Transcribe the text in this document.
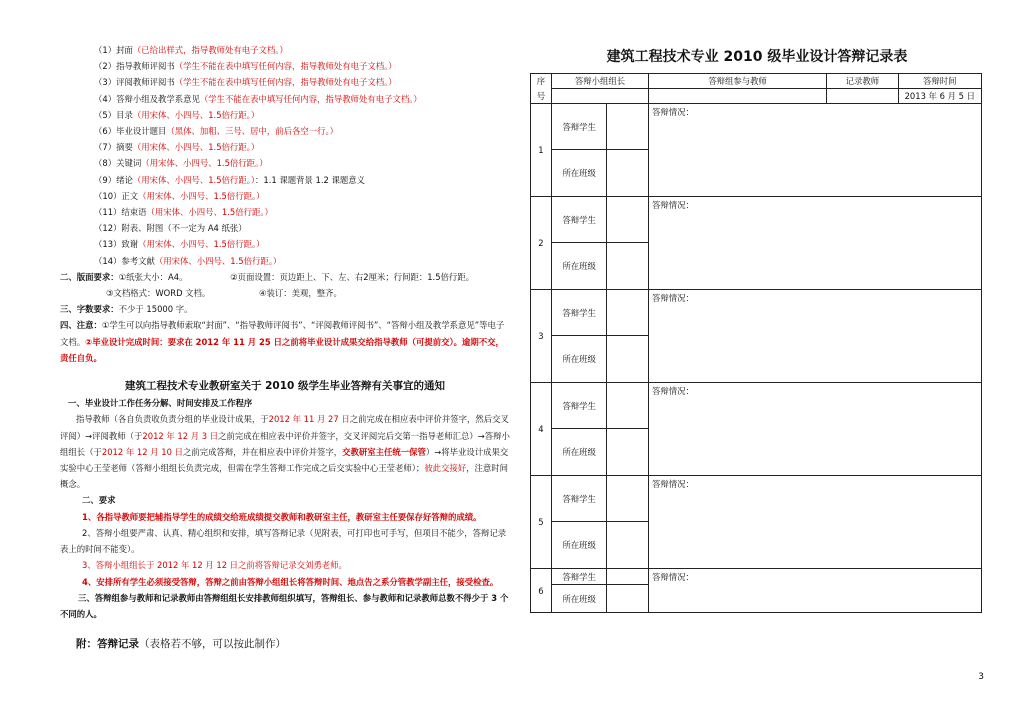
（1）封面（已给出样式，指导教师处有电子文档。）
（2）指导教师评阅书（学生不能在表中填写任何内容，指导教师处有电子文档。）
（3）评阅教师评阅书（学生不能在表中填写任何内容，指导教师处有电子文档。）
（4）答辩小组及教学系意见（学生不能在表中填写任何内容，指导教师处有电子文档。）
（5）目录（用宋体、小四号、1.5倍行距。）
（6）毕业设计题目（黑体、加粗、三号、居中，前后各空一行。）
（7）摘要（用宋体、小四号、1.5倍行距。）
（8）关键词（用宋体、小四号、1.5倍行距。）
（9）绪论（用宋体、小四号、1.5倍行距。）：1.1 课题背景 1.2 课题意义
（10）正文（用宋体、小四号、1.5倍行距。）
（11）结束语（用宋体、小四号、1.5倍行距。）
（12）附表、附图（不一定为 A4 纸张）
（13）致谢（用宋体、小四号、1.5倍行距。）
（14）参考文献（用宋体、小四号、1.5倍行距。）
二、版面要求：①纸张大小：A4。	②页面设置：页边距上、下、左、右2厘米；行间距：1.5倍行距。
③文档格式：WORD 文档。	④装订：美观，整齐。
三、字数要求：不少于 15000 字。
四、注意：①学生可以向指导教师索取“封面”、“指导教师评阅书”、“评阅教师评阅书”、“答辩小组及教学系意见”等电子文档。②毕业设计完成时间：要求在 2012 年 11 月 25 日之前将毕业设计成果交给指导教师（可提前交）。逾期不交，责任自负。
建筑工程技术专业教研室关于 2010 级学生毕业答辩有关事宜的通知
一、毕业设计工作任务分解、时间安排及工作程序
指导教师（各自负责收负责分组的毕业设计成果，于2012 年 11 月 27 日之前完成在相应表中评价并签字，然后交叉评阅）→评阅教师（于2012 年 12 月 3 日之前完成在相应表中评价并签字，交叉评阅完后交第一指导老师汇总）→答辩小组组长（于2012 年 12 月 10 日之前完成答辩，并在相应表中评价并签字，交教研室主任统一保管）→将毕业设计成果交实验中心王莹老师（答辩小组组长负责完成，但需在学生答辩工作完成之后交实验中心王莹老师）；彼此交接好，注意时间概念。
二、要求
1、各指导教师要把辅指导学生的成绩交给班成绩提交教师和教研室主任，教研室主任要保存好答辩的成绩。
2、答辩小组要严肃、认真、精心组织和安排，填写答辩记录（见附表，可打印也可手写，但项目不能少，答辩记录表上的时间不能变）。
3、答辩小组组长于 2012 年 12 月 12 日之前将答辩记录交刘勇老师。
4、安排所有学生必须接受答辩，答辩之前由答辩小组组长将答辩时间、地点告之系分管教学副主任，接受检查。
三、答辩组参与教师和记录教师由答辩组组长安排教师组织填写，答辩组长、参与教师和记录教师总数不得少于 3 个不同的人。
附：答辩记录（表格若不够，可以按此制作）
建筑工程技术专业 2010 级毕业设计答辩记录表
序	答辩小组组长		答辩组参与教师	记录教师	答辩时间
号					2013 年 6 月 5 日
1	答辩学生		答辩情况：		
	所在班级				
2	答辩学生		答辩情况：		
	所在班级				
3	答辩学生		答辩情况：		
	所在班级				
4	答辩学生		答辩情况：		
	所在班级				
5	答辩学生		答辩情况：		
	所在班级				
6	答辩学生		答辩情况：		
	所在班级				
3
